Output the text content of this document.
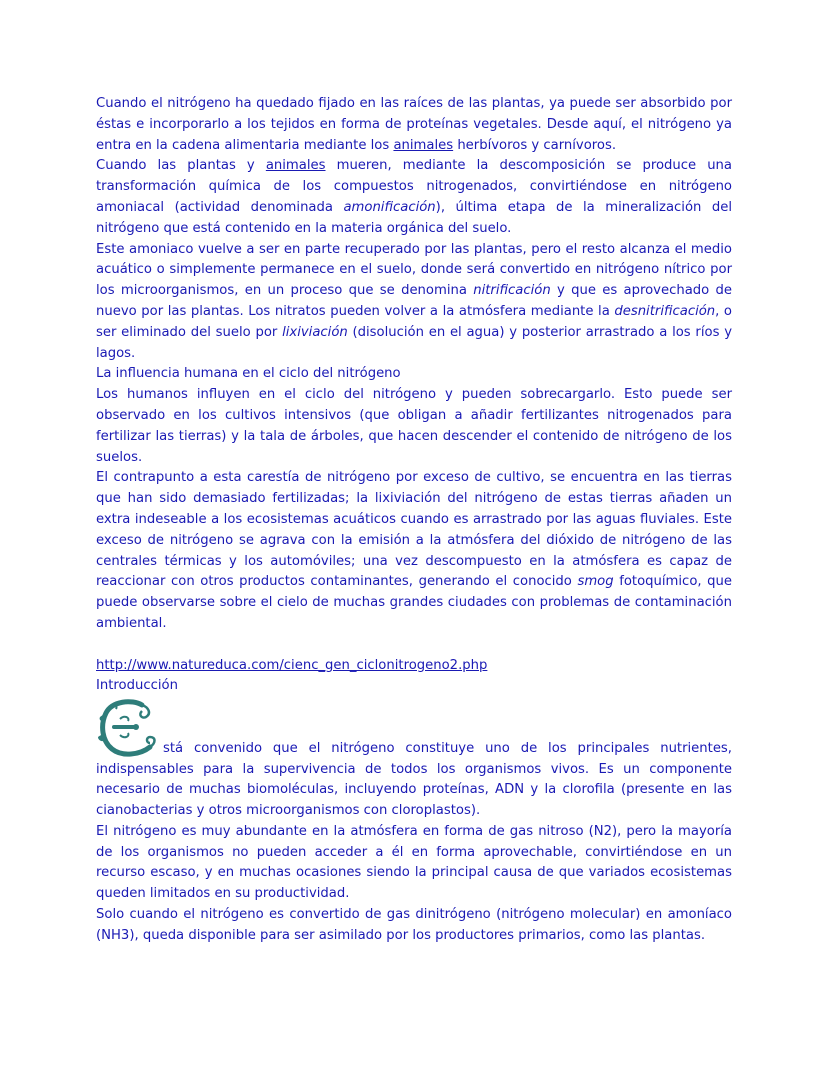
Cuando el nitrógeno ha quedado fijado en las raíces de las plantas, ya puede ser absorbido por éstas e incorporarlo a los tejidos en forma de proteínas vegetales. Desde aquí, el nitrógeno ya entra en la cadena alimentaria mediante los animales herbívoros y carnívoros.

Cuando las plantas y animales mueren, mediante la descomposición se produce una transformación química de los compuestos nitrogenados, convirtiéndose en nitrógeno amoniacal (actividad denominada amonificación), última etapa de la mineralización del nitrógeno que está contenido en la materia orgánica del suelo.

Este amoniaco vuelve a ser en parte recuperado por las plantas, pero el resto alcanza el medio acuático o simplemente permanece en el suelo, donde será convertido en nitrógeno nítrico por los microorganismos, en un proceso que se denomina nitrificación y que es aprovechado de nuevo por las plantas. Los nitratos pueden volver a la atmósfera mediante la desnitrificación, o ser eliminado del suelo por lixiviación (disolución en el agua) y posterior arrastrado a los ríos y lagos.

La influencia humana en el ciclo del nitrógeno

Los humanos influyen en el ciclo del nitrógeno y pueden sobrecargarlo. Esto puede ser observado en los cultivos intensivos (que obligan a añadir fertilizantes nitrogenados para fertilizar las tierras) y la tala de árboles, que hacen descender el contenido de nitrógeno de los suelos.

El contrapunto a esta carestía de nitrógeno por exceso de cultivo, se encuentra en las tierras que han sido demasiado fertilizadas; la lixiviación del nitrógeno de estas tierras añaden un extra indeseable a los ecosistemas acuáticos cuando es arrastrado por las aguas fluviales. Este exceso de nitrógeno se agrava con la emisión a la atmósfera del dióxido de nitrógeno de las centrales térmicas y los automóviles; una vez descompuesto en la atmósfera es capaz de reaccionar con otros productos contaminantes, generando el conocido smog fotoquímico, que puede observarse sobre el cielo de muchas grandes ciudades con problemas de contaminación ambiental.

http://www.natureduca.com/cienc_gen_ciclonitrogeno2.php

Introducción

stá convenido que el nitrógeno constituye uno de los principales nutrientes, indispensables para la supervivencia de todos los organismos vivos. Es un componente necesario de muchas biomoléculas, incluyendo proteínas, ADN y la clorofila (presente en las cianobacterias y otros microorganismos con cloroplastos).

El nitrógeno es muy abundante en la atmósfera en forma de gas nitroso (N2), pero la mayoría de los organismos no pueden acceder a él en forma aprovechable, convirtiéndose en un recurso escaso, y en muchas ocasiones siendo la principal causa de que variados ecosistemas queden limitados en su productividad.

Solo cuando el nitrógeno es convertido de gas dinitrógeno (nitrógeno molecular) en amoníaco (NH3), queda disponible para ser asimilado por los productores primarios, como las plantas.
